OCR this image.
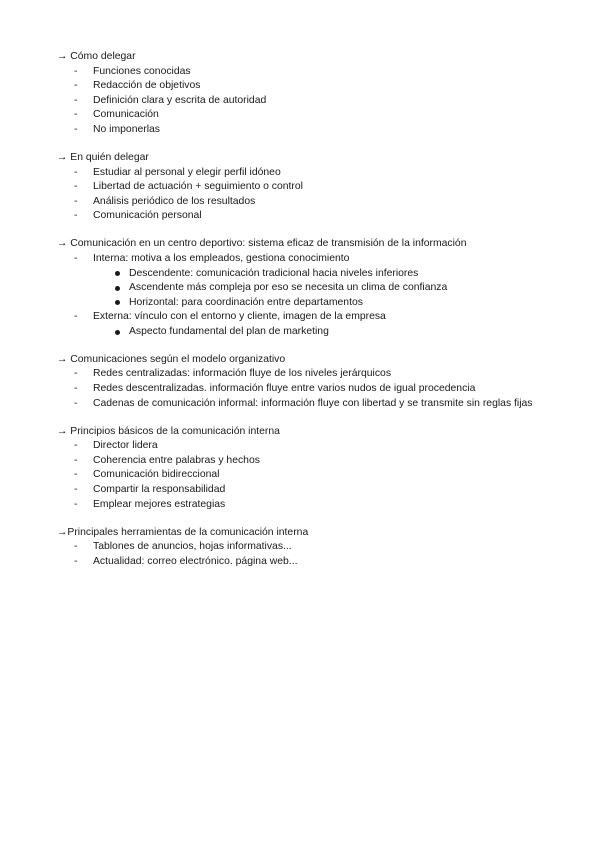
→ Cómo delegar
- Funciones conocidas
- Redacción de objetivos
- Definición clara y escrita de autoridad
- Comunicación
- No imponerlas
→ En quién delegar
- Estudiar al personal y elegir perfil idóneo
- Libertad de actuación + seguimiento o control
- Análisis periódico de los resultados
- Comunicación personal
→ Comunicación en un centro deportivo: sistema eficaz de transmisión de la información
- Interna: motiva a los empleados, gestiona conocimiento
Descendente: comunicación tradicional hacia niveles inferiores
Ascendente más compleja por eso se necesita un clima de confianza
Horizontal: para coordinación entre departamentos
- Externa: vínculo con el entorno y cliente, imagen de la empresa
Aspecto fundamental del plan de marketing
→ Comunicaciones según el modelo organizativo
- Redes centralizadas: información fluye de los niveles jerárquicos
- Redes descentralizadas. información fluye entre varios nudos de igual procedencia
- Cadenas de comunicación informal: información fluye con libertad y se transmite sin reglas fijas
→ Principios básicos de la comunicación interna
- Director lidera
- Coherencia entre palabras y hechos
- Comunicación bidireccional
- Compartir la responsabilidad
- Emplear mejores estrategias
→Principales herramientas de la comunicación interna
- Tablones de anuncios, hojas informativas...
- Actualidad: correo electrónico. página web...
